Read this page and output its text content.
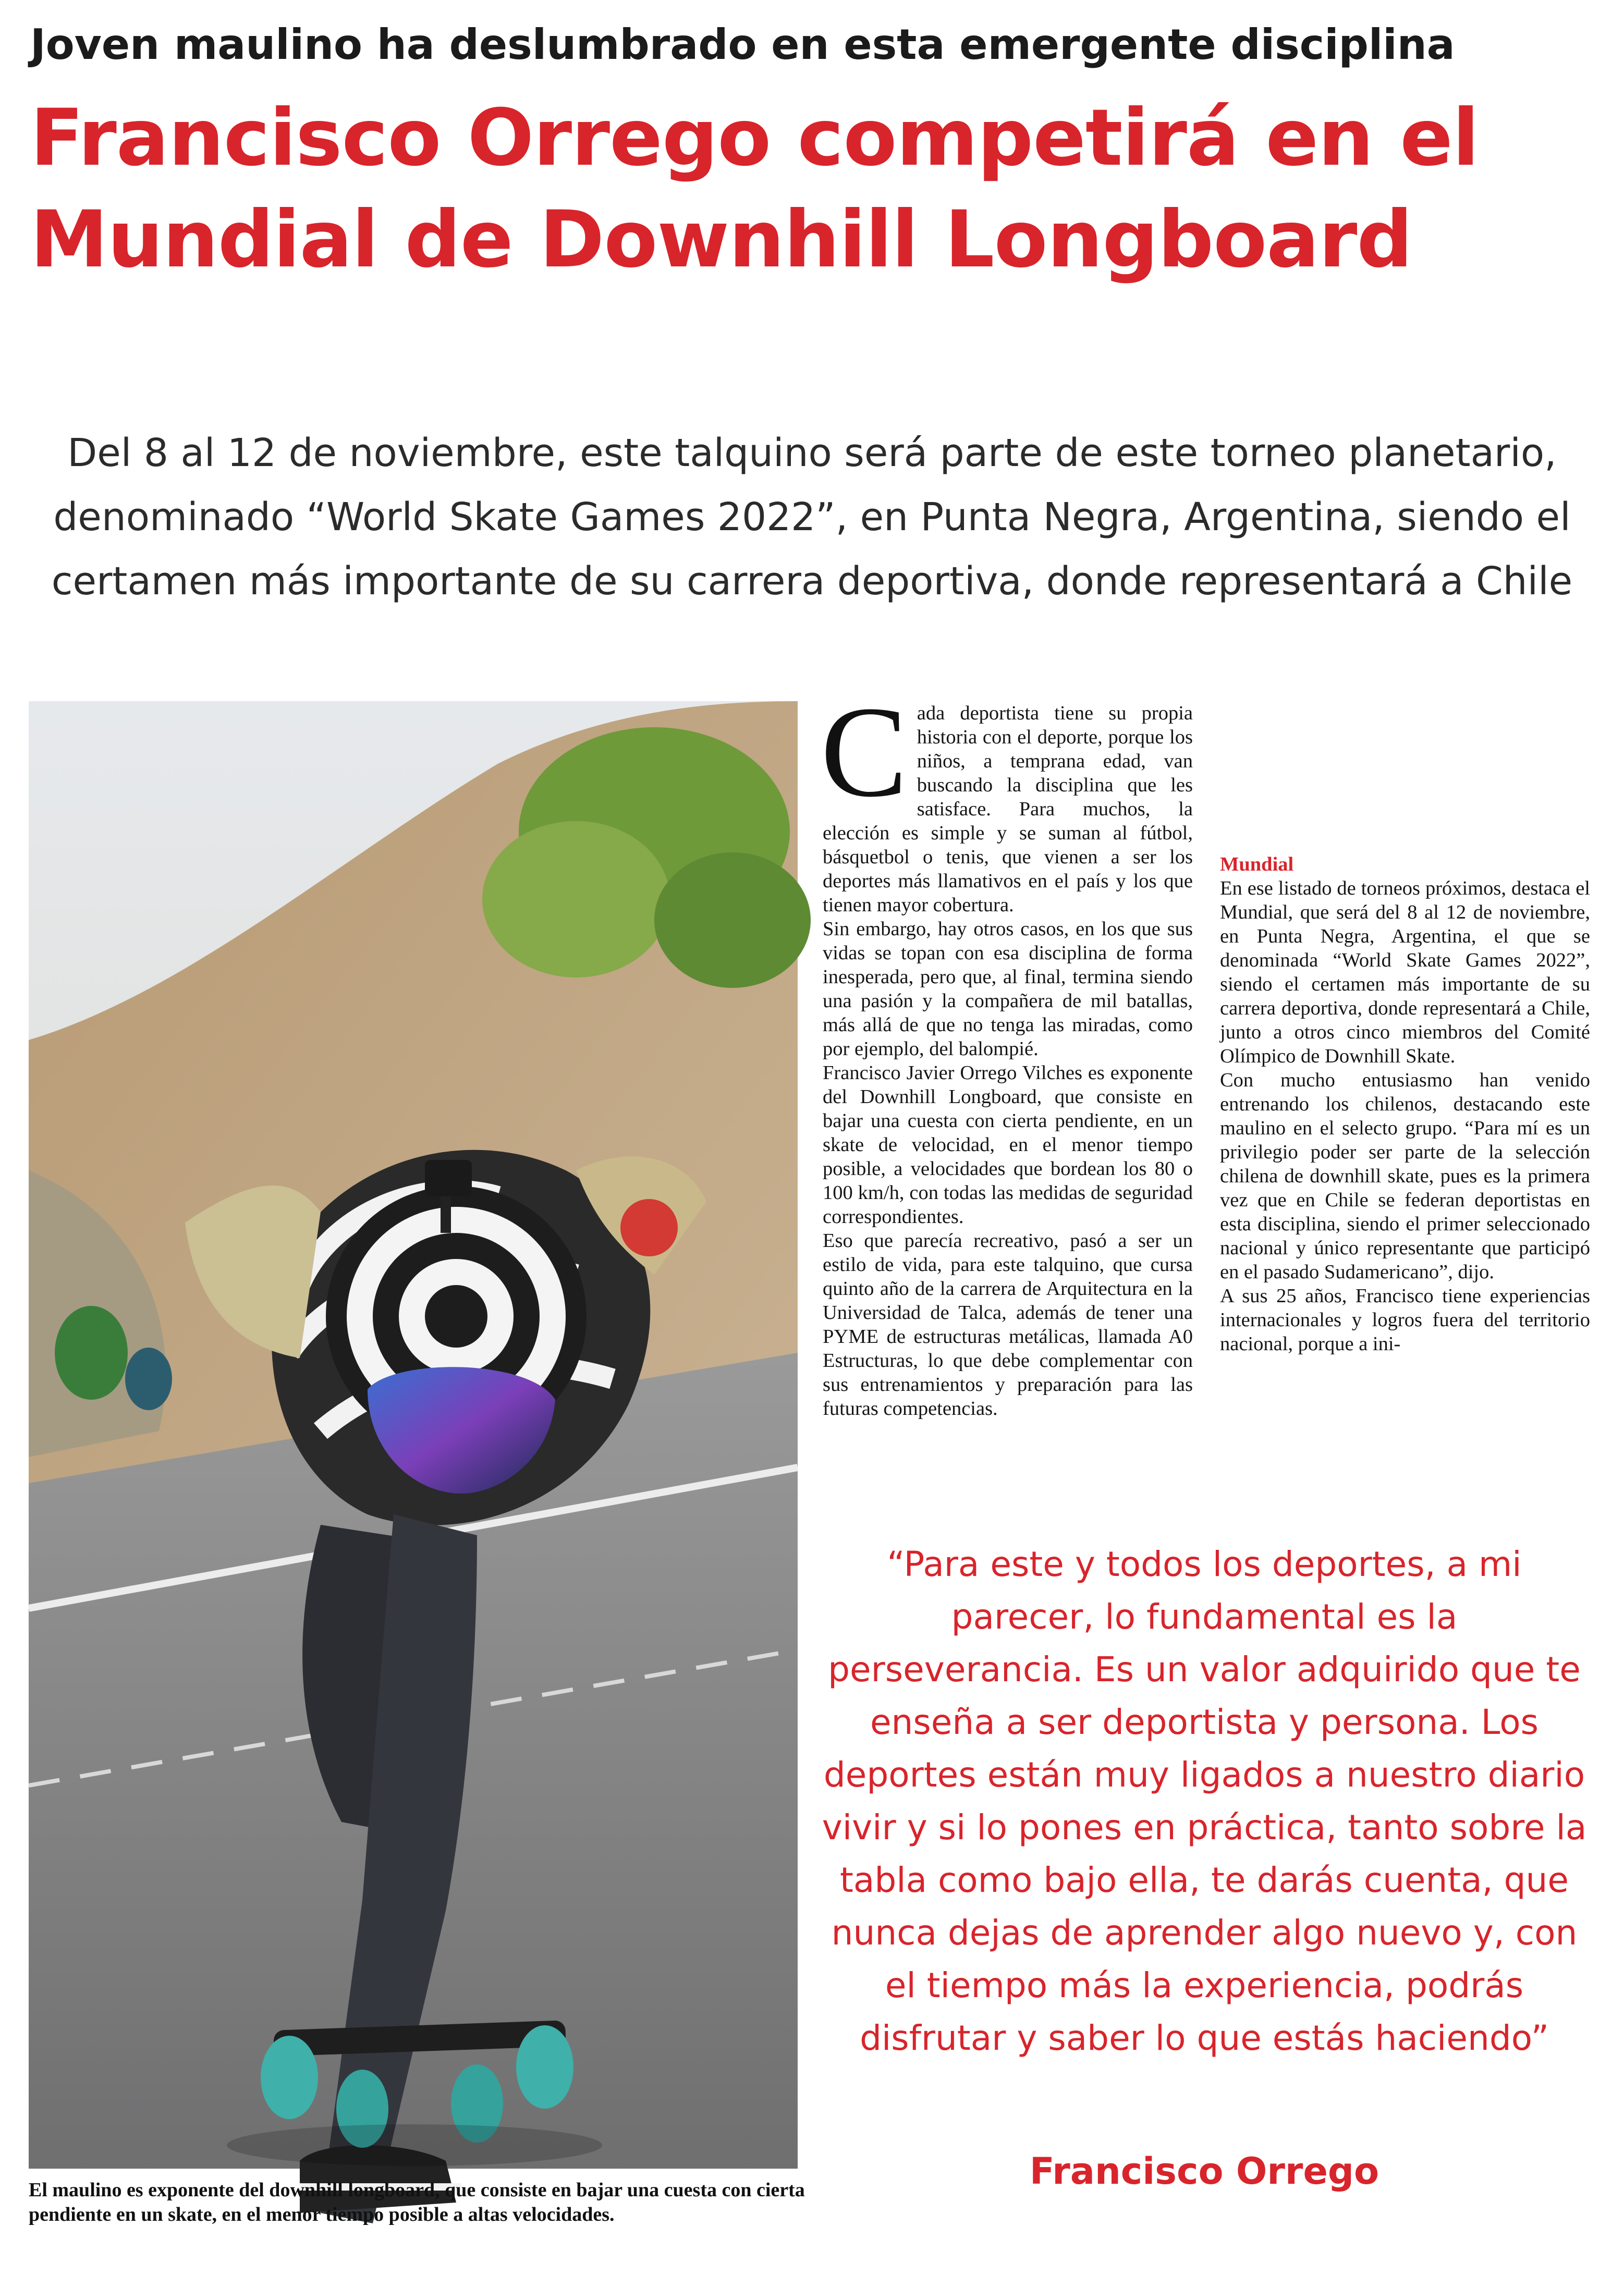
Joven maulino ha deslumbrado en esta emergente disciplina
Francisco Orrego competirá en el Mundial de Downhill Longboard
Del 8 al 12 de noviembre, este talquino será parte de este torneo planetario, denominado “World Skate Games 2022”, en Punta Negra, Argentina, siendo el certamen más importante de su carrera deportiva, donde representará a Chile
El maulino es exponente del downhill longboard, que consiste en bajar una cuesta con cierta pendiente en un skate, en el menor tiempo posible a altas velocidades.

Cada deportista tiene su propia historia con el deporte, porque los niños, a temprana edad, van buscando la disciplina que les satisface. Para muchos, la elección es simple y se suman al fútbol, básquetbol o tenis, que vienen a ser los deportes más llamativos en el país y los que tienen mayor cobertura.

Sin embargo, hay otros casos, en los que sus vidas se topan con esa disciplina de forma inesperada, pero que, al final, termina siendo una pasión y la compañera de mil batallas, más allá de que no tenga las miradas, como por ejemplo, del balompié.

Francisco Javier Orrego Vilches es exponente del Downhill Longboard, que consiste en bajar una cuesta con cierta pendiente, en un skate de velocidad, en el menor tiempo posible, a velocidades que bordean los 80 o 100 km/h, con todas las medidas de seguridad correspondientes.

Eso que parecía recreativo, pasó a ser un estilo de vida, para este talquino, que cursa quinto año de la carrera de Arquitectura en la Universidad de Talca, además de tener una PYME de estructuras metálicas, llamada A0 Estructuras, lo que debe complementar con sus entrenamientos y preparación para las futuras competencias.

Mundial

En ese listado de torneos próximos, destaca el Mundial, que será del 8 al 12 de noviembre, en Punta Negra, Argentina, el que se denominada “World Skate Games 2022”, siendo el certamen más importante de su carrera deportiva, donde representará a Chile, junto a otros cinco miembros del Comité Olímpico de Downhill Skate.

Con mucho entusiasmo han venido entrenando los chilenos, destacando este maulino en el selecto grupo. “Para mí es un privilegio poder ser parte de la selección chilena de downhill skate, pues es la primera vez que en Chile se federan deportistas en esta disciplina, siendo el primer seleccionado nacional y único representante que participó en el pasado Sudamericano”, dijo.

A sus 25 años, Francisco tiene experiencias internacionales y logros fuera del territorio nacional, porque a ini-

“Para este y todos los deportes, a mi parecer, lo fundamental es la perseverancia. Es un valor adquirido que te enseña a ser deportista y persona. Los deportes están muy ligados a nuestro diario vivir y si lo pones en práctica, tanto sobre la tabla como bajo ella, te darás cuenta, que nunca dejas de aprender algo nuevo y, con el tiempo más la experiencia, podrás disfrutar y saber lo que estás haciendo”
Francisco Orrego
